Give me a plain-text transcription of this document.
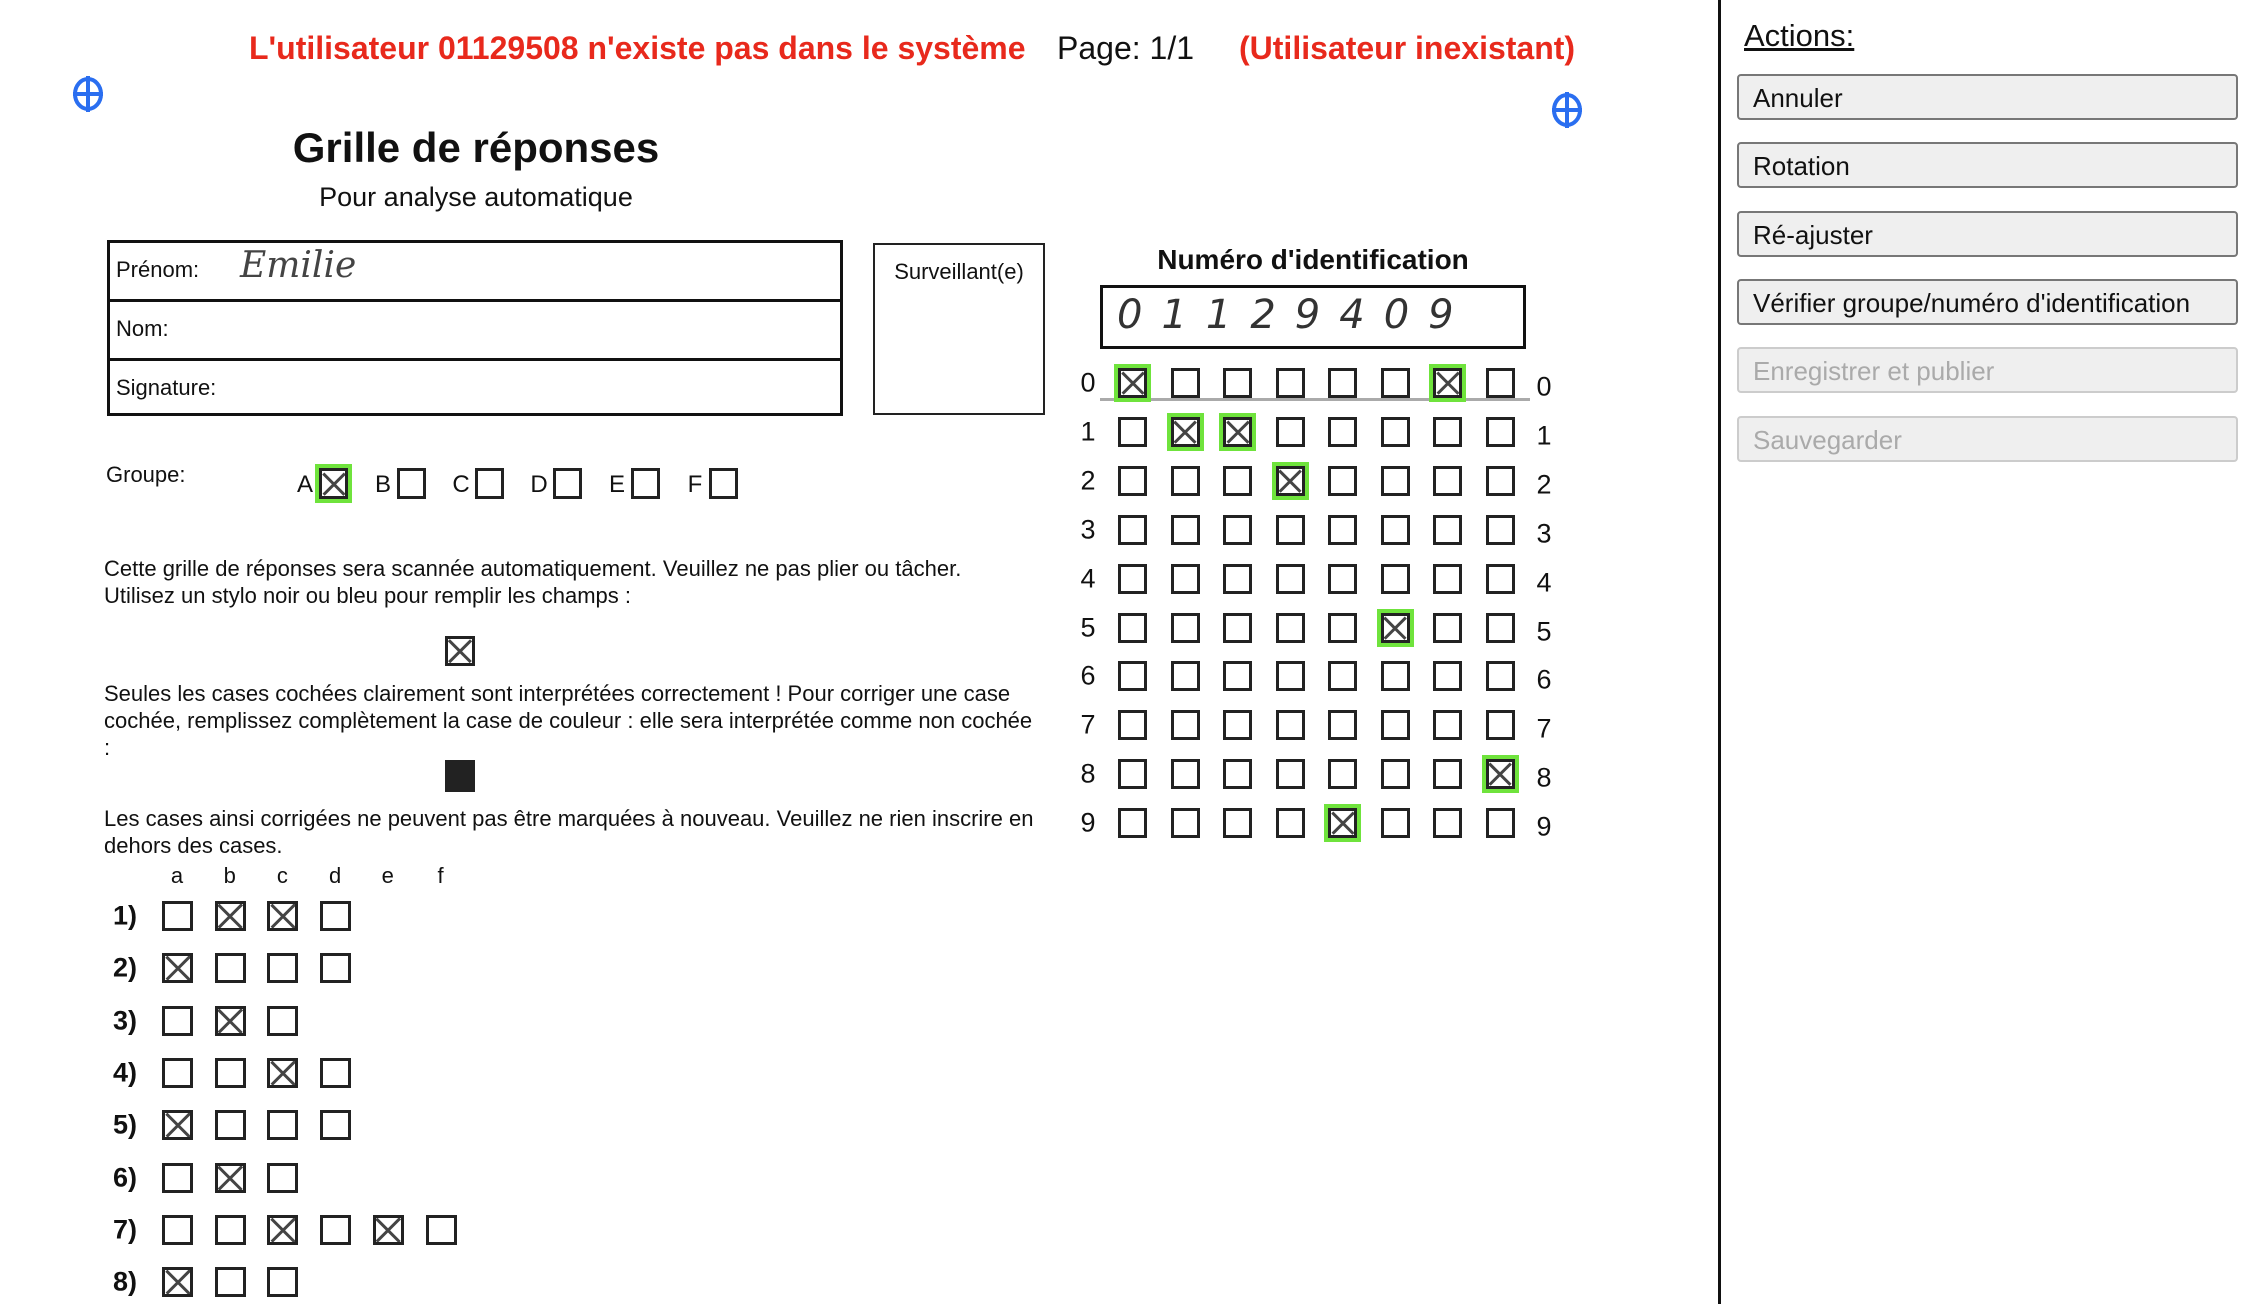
L'utilisateur 01129508 n'existe pas dans le système Page: 1/1 (Utilisateur inexistant)
Grille de réponses
Pour analyse automatique
Prénom: Emilie
Nom:
Signature:
Surveillant(e)	Numéro d'identification
01129409
0	0
1	1
2	2
3	3
4	4
5	5
6	6
7	7
8	8
9	9
Groupe:	A	B	C	D	E	F
Cette grille de réponses sera scannée automatiquement. Veuillez ne pas plier ou tâcher. Utilisez un stylo noir ou bleu pour remplir les champs :
Seules les cases cochées clairement sont interprétées correctement ! Pour corriger une case cochée, remplissez complètement la case de couleur : elle sera interprétée comme non cochée :
Les cases ainsi corrigées ne peuvent pas être marquées à nouveau. Veuillez ne rien inscrire en dehors des cases.
a b c d e f
1)
2)
3)
4)
5)
6)
7)
8)
Actions:
Annuler
Rotation
Ré-ajuster
Vérifier groupe/numéro d'identification
Enregistrer et publier
Sauvegarder
